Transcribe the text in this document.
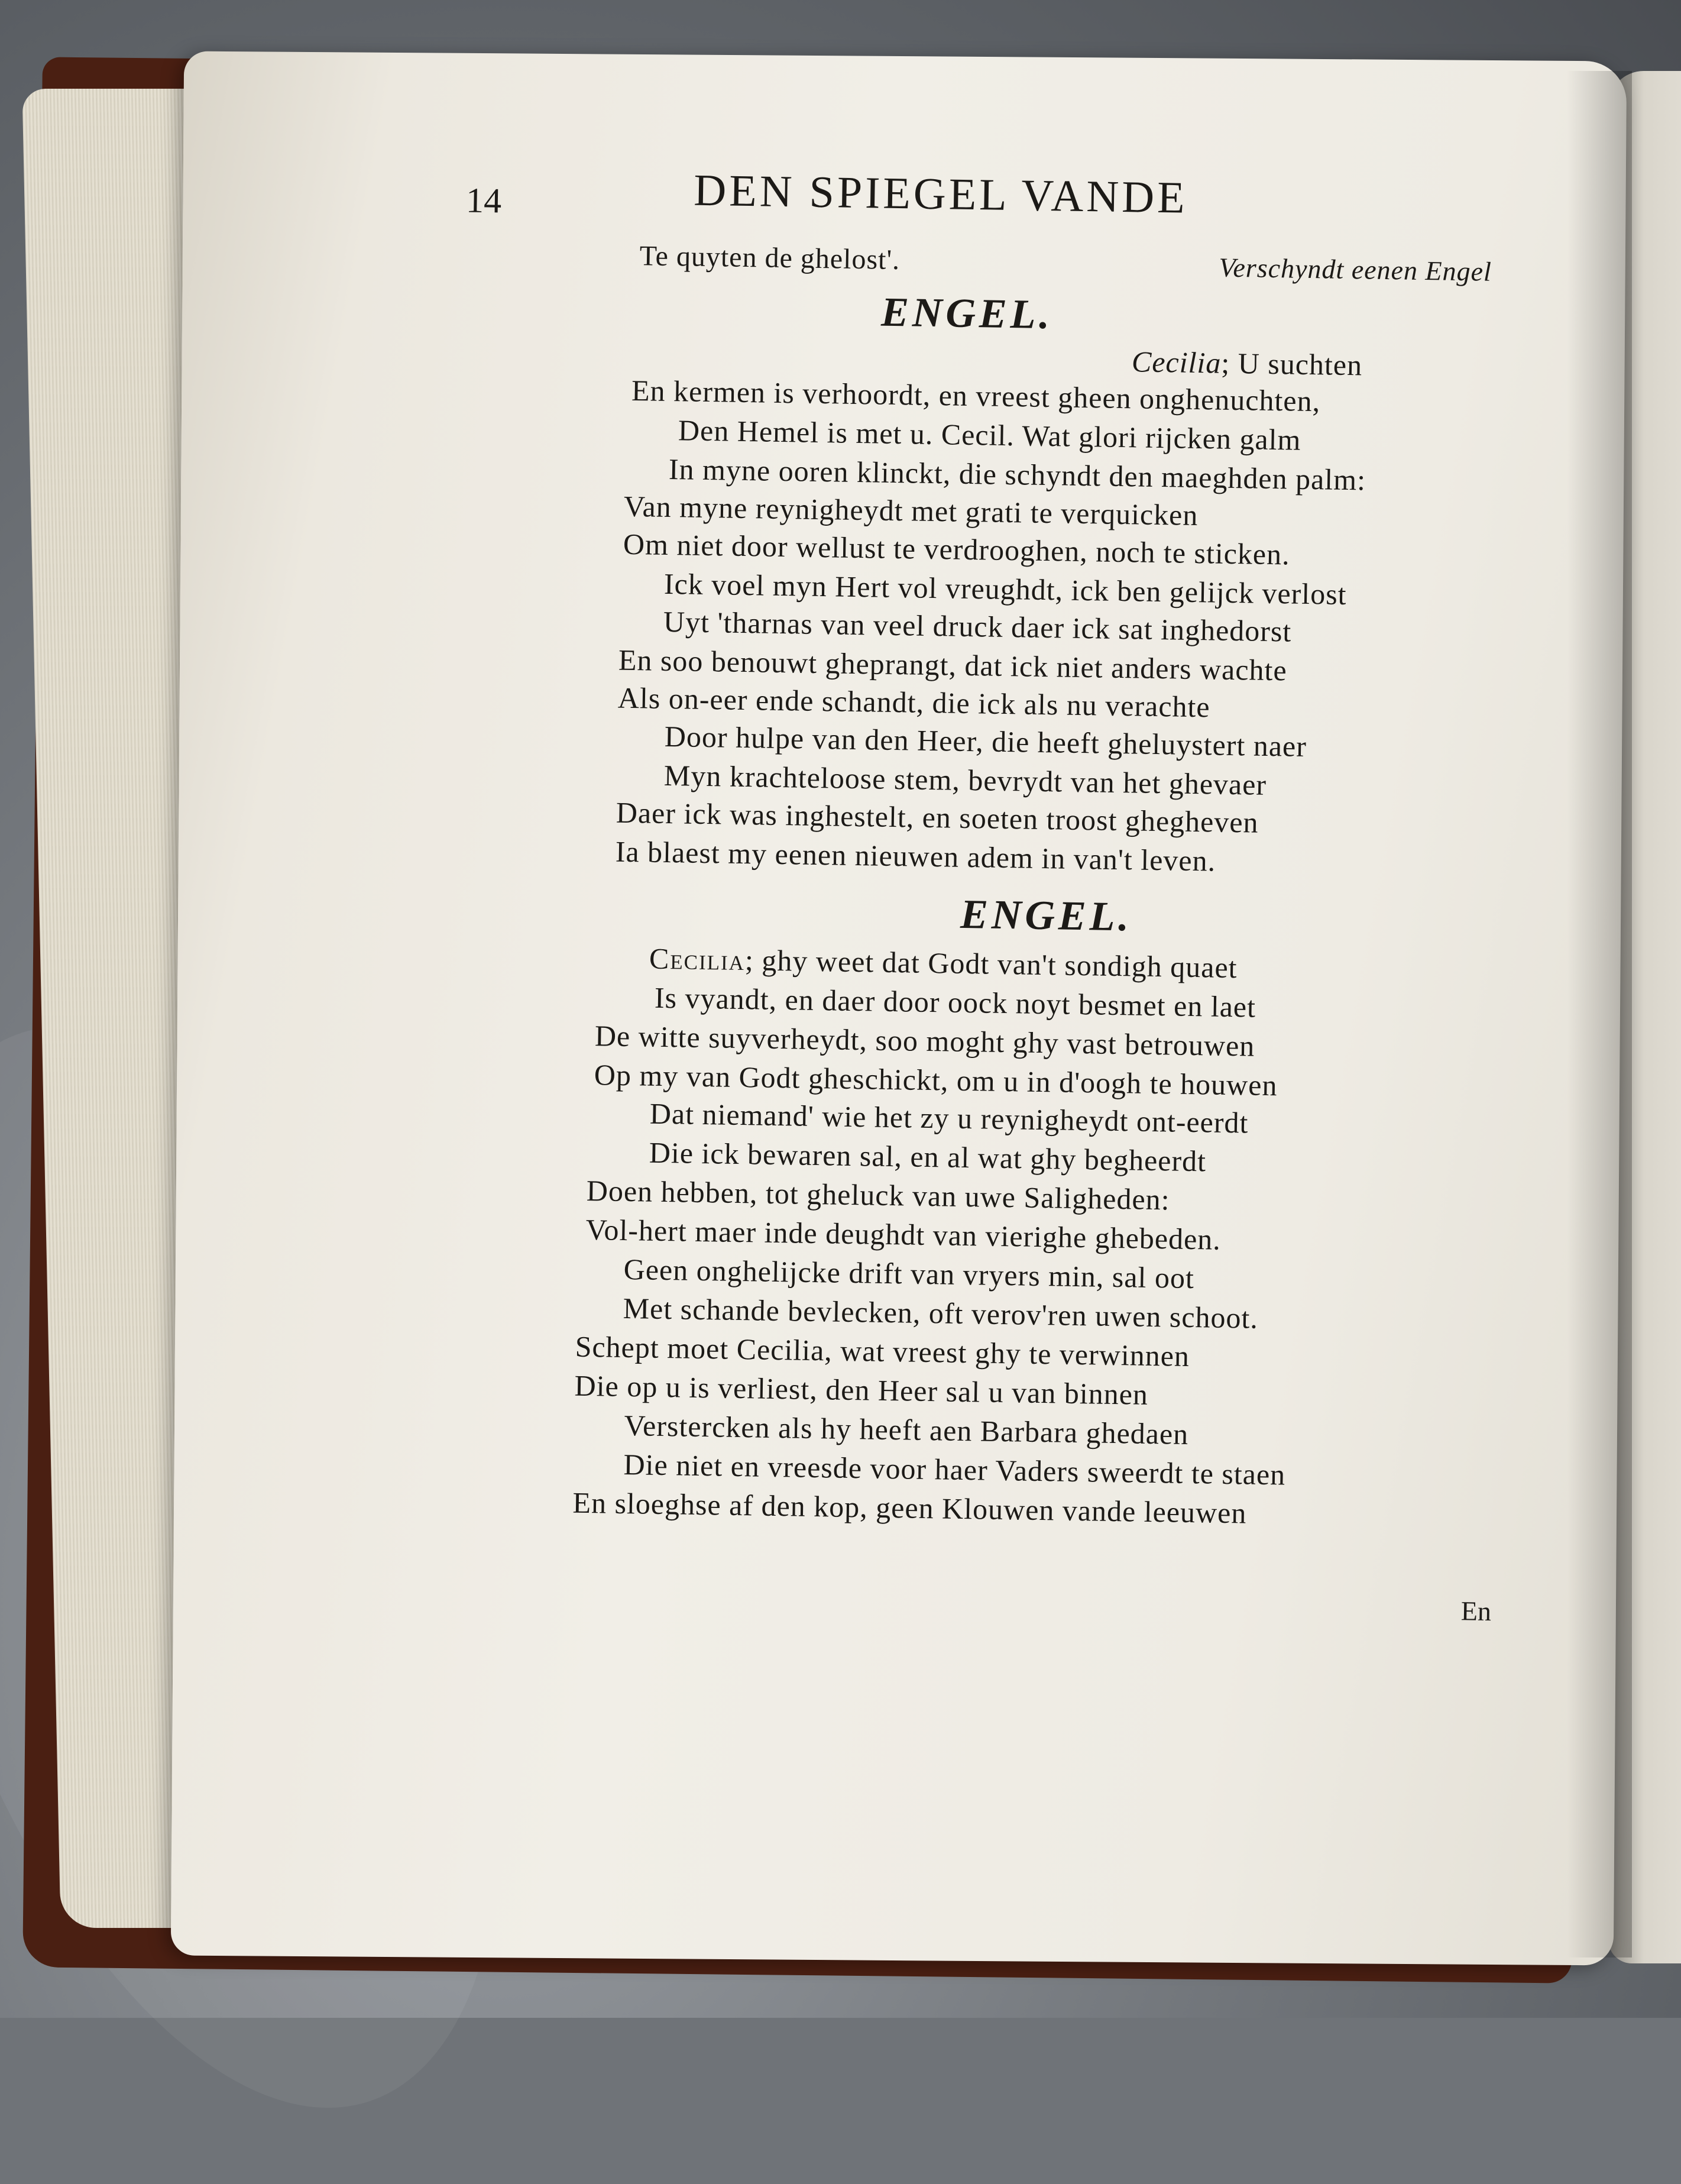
14	DEN SPIEGEL VANDE
Te quyten de ghelost'.	Verschyndt eenen Engel
ENGEL.
Cecilia; U suchten
En kermen is verhoordt, en vreest gheen onghenuchten,
Den Hemel is met u. Cecil. Wat glori rijcken galm
In myne ooren klinckt, die schyndt den maeghden palm:
Van myne reynigheydt met grati te verquicken
Om niet door wellust te verdrooghen, noch te sticken.
Ick voel myn Hert vol vreughdt, ick ben gelijck verlost
Uyt 'tharnas van veel druck daer ick sat inghedorst
En soo benouwt gheprangt, dat ick niet anders wachte
Als on-eer ende schandt, die ick als nu verachte
Door hulpe van den Heer, die heeft gheluystert naer
Myn krachteloose stem, bevrydt van het ghevaer
Daer ick was inghestelt, en soeten troost ghegheven
Ia blaest my eenen nieuwen adem in van't leven.
ENGEL.
Cecilia; ghy weet dat Godt van't sondigh quaet
Is vyandt, en daer door oock noyt besmet en laet
De witte suyverheydt, soo moght ghy vast betrouwen
Op my van Godt gheschickt, om u in d'oogh te houwen
Dat niemand' wie het zy u reynigheydt ont-eerdt
Die ick bewaren sal, en al wat ghy begheerdt
Doen hebben, tot gheluck van uwe Saligheden:
Vol-hert maer inde deughdt van vierighe ghebeden.
Geen onghelijcke drift van vryers min, sal oot
Met schande bevlecken, oft verov'ren uwen schoot.
Schept moet Cecilia, wat vreest ghy te verwinnen
Die op u is verliest, den Heer sal u van binnen
Verstercken als hy heeft aen Barbara ghedaen
Die niet en vreesde voor haer Vaders sweerdt te staen
En sloeghse af den kop, geen Klouwen vande leeuwen
En
